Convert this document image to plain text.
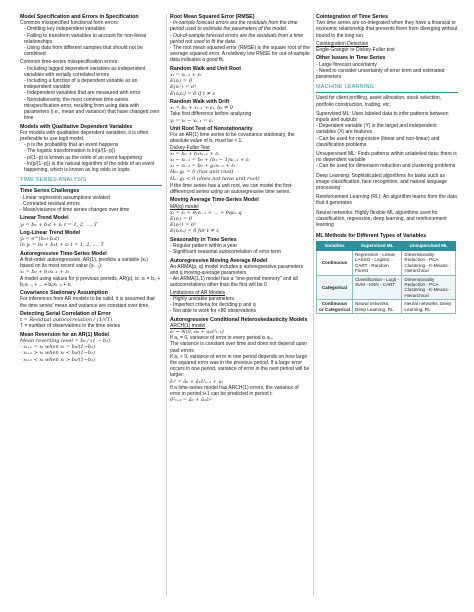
Model Specification and Errors in Specification

Common misspecified functional form errors:

- Omitting key independent variables

- Failing to transform variables to account for non-linear relationships

- Using data from different samples that should not be combined

Common time-series misspecification errors:

- Including lagged dependent variables as independent variables with serially correlated errors

- Including a function of a dependent variable as an independent variable

- Independent variables that are measured with error

- Nonstationarity, the most common time-series misspecification error, resulting from using data with parameters (i.e., mean and variance) that have changed over time

Models with Qualitative Dependent Variables

For models with qualitative dependent variables, it is often preferable to use logit model.

- p is the probability that an event happens

- The logistic transformation is ln(p/(1−p))

- p/(1−p) is known as the odds of an event happening

- ln(p/(1−p)) is the natural logarithm of the odds of an event happening, which is known as log odds or logits

TIME SERIES ANALYSIS
Time Series Challenges

- Linear regression assumptions violated

- Correlated residual errors

- Mean/variance of time series changes over time

Linear Trend Model

yₜ = b₀ + b₁t + εₜ t = 1, 2, ..., T

Log-Linear Trend Model

yₜ = e^(b₀+b₁t)

ln yₜ = b₀ + b₁t + εₜ t = 1, 2, ..., T

Autoregressive Time-Series Model

A first-order autoregression, AR(1), predicts a variable (xₜ) based on its most recent value (xₜ₋₁):

xₜ = b₀ + b₁xₜ₋₁ + εₜ

A model using values for p previous periods, AR(p), is: xₜ = b₀ + b₁xₜ₋₁ + ... + bₚxₜ₋ₚ + εₜ

Covariance Stationary Assumption

For inferences from AR models to be valid, it is assumed that the time series' mean and variance are constant over time.

Detecting Serial Correlation of Error

t = Residual autocorrelation / (1/√T)

T = number of observations in the time series

Mean Reversion for an AR(1) Model

Mean reverting level = b₀ / (1 − b₁)

- xₜ₊₁ = xₜ when xₜ = b₀/(1−b₁)

- xₜ₊₁ > xₜ when xₜ < b₀/(1−b₁)

- xₜ₊₁ < xₜ when xₜ > b₀/(1−b₁)

Root Mean Squared Error (RMSE)

- In-sample forecast errors are the residuals from the time period used to estimate the parameters of the model.

- Out-of-sample forecast errors are the residuals from a time period not used to fit the data.

- The root mean squared error (RMSE) is the square root of the average squared error. A relatively low RMSE for out-of-sample data indicates a good fit.

Random Walk and Unit Root

xₜ = xₜ₋₁ + εₜ

E(εₜ) = 0

E(εₜ²) = σ²

E(εₜεₛ) = 0 if t ≠ s

Random Walk with Drift

xₜ = b₀ + xₜ₋₁ + εₜ, b₀ ≠ 0

Take first difference before analyzing

yₜ = xₜ − xₜ₋₁ = εₜ

Unit Root Test of Nonstationarity

For an AR(1) time series to be covariance stationary, the absolute value of b₁ must be < 1.

Dickey-Fuller Test

xₜ = b₀ + b₁xₜ₋₁ + εₜ

xₜ − xₜ₋₁ = b₀ + (b₁ − 1)xₜ₋₁ + εₜ

xₜ − xₜ₋₁ = b₀ + g₁xₜ₋₁ + εₜ

H₀: g₁ = 0 (has unit root)

Hₐ: g₁ < 0 (does not have unit root)

If the time series has a unit root, we can model the first-differenced series using an autoregressive time series.

Moving Average Time-Series Model

MA(q) model

xₜ = εₜ + θ₁εₜ₋₁ + ... + θqεₜ₋q

E(εₜ) = 0

E(εₜ²) = σ²

E(εₜεₛ) = 0 for t ≠ s

Seasonality in Time Series

- Regular pattern within a year

- Significant seasonal autocorrelation of error term

Autoregressive Moving Average Model

An ARMA(p, q) model includes p autoregressive parameters and q moving-average parameters

- An ARMA(1,1) model has a "one-period memory" and all autocorrelations other than the first will be 0

Limitations of AR Models

- Highly unstable parameters

- Imperfect criteria for deciding p and q

- Not able to work for <80 observations

Autoregressive Conditional Heteroskedasticity Models

ARCH(1) model

εₜ ~ N(0, a₀ + a₁ε²ₜ₋₁)

If a₁ = 0, variance of error in every period is a₀.

The variance is constant over time and does not depend upon past errors

If a₁ > 0, variance of error in one period depends on how large the squared error was in the previous period. If a large error occurs in one period, variance of error in the next period will be larger:

ε̂ₜ² = â₀ + â₁ε̂²ₜ₋₁ + uₜ

If a time-series model has ARCH(1) errors, the variance of error in period t+1 can be predicted in period t:

σ̂²ₜ₊₁ = â₀ + â₁ε̂ₜ²

Cointegration of Time Series

Two time series are co-integrated when they have a financial or economic relationship that prevents them from diverging without bound in the long run.

Cointegration Detection

Engle-Granger or Dickey-Fuller test

Other Issues in Time Series

- Large forecast uncertainty

- Need to consider uncertainty of error term and estimated parameters

MACHINE LEARNING

Used for client profiling, asset allocation, stock selection, portfolio construction, trading, etc.

Supervised ML: Uses labeled data to infer patterns between inputs and outputs

- Dependent variable (Y) is the target and independent variables (X) are features

- Can be used for regression (linear and non-linear) and classification problems

Unsupervised ML: Finds patterns within unlabeled data; there is no dependent variable

- Can be used for dimension reduction and clustering problems

Deep Learning: Sophisticated algorithms for tasks such as image classification, face recognition, and natural language processing

Reinforcement Learning (RL): An algorithm learns from the data that it generates

Neural networks: Highly flexible ML algorithms used for classification, regression, deep learning, and reinforcement learning

ML Methods for Different Types of Variables
Variables	Supervised ML	Unsupervised ML
Continuous	Regression - Linear, LASSO - Logistic - CART - Random Forest	Dimensionality Reduction - PCA Clustering - K-Means - Hierarchical
Categorical	Classification - Logit - SVM - KNN - CART	Dimensionality Reduction - PCA Clustering - K-Means - Hierarchical
Continuous or Categorical	Neural networks, Deep Learning, RL	Neural networks, Deep Learning, RL
